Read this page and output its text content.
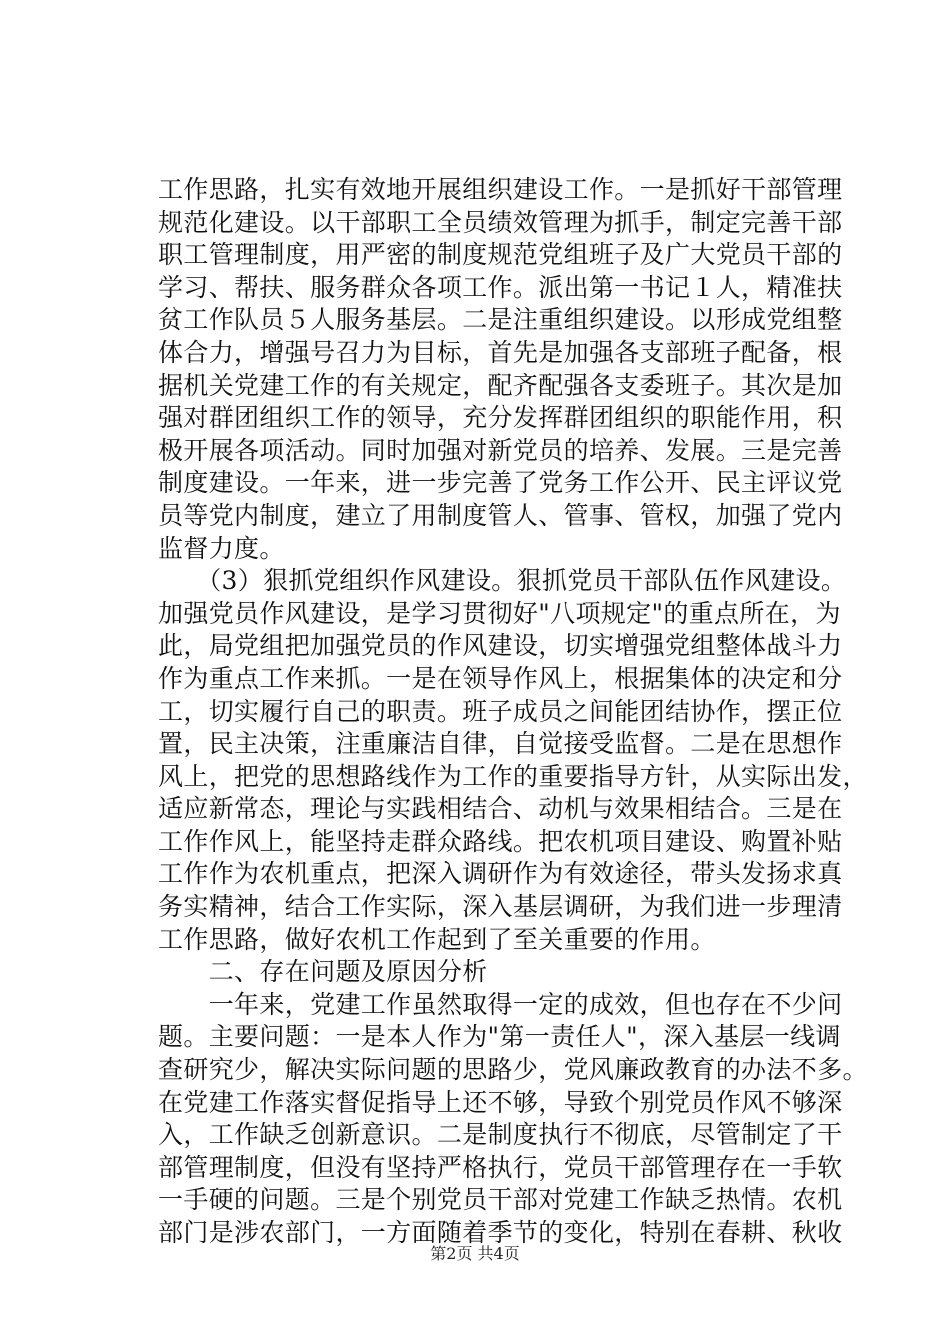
工作思路，扎实有效地开展组织建设工作。一是抓好干部管理
规范化建设。以干部职工全员绩效管理为抓手，制定完善干部
职工管理制度，用严密的制度规范党组班子及广大党员干部的
学习、帮扶、服务群众各项工作。派出第一书记１人，精准扶
贫工作队员５人服务基层。二是注重组织建设。以形成党组整
体合力，增强号召力为目标，首先是加强各支部班子配备，根
据机关党建工作的有关规定，配齐配强各支委班子。其次是加
强对群团组织工作的领导，充分发挥群团组织的职能作用，积
极开展各项活动。同时加强对新党员的培养、发展。三是完善
制度建设。一年来，进一步完善了党务工作公开、民主评议党
员等党内制度，建立了用制度管人、管事、管权，加强了党内
监督力度。
　　（3）狠抓党组织作风建设。狠抓党员干部队伍作风建设。
加强党员作风建设，是学习贯彻好"八项规定"的重点所在，为
此，局党组把加强党员的作风建设，切实增强党组整体战斗力
作为重点工作来抓。一是在领导作风上，根据集体的决定和分
工，切实履行自己的职责。班子成员之间能团结协作，摆正位
置，民主决策，注重廉洁自律，自觉接受监督。二是在思想作
风上，把党的思想路线作为工作的重要指导方针，从实际出发，
适应新常态，理论与实践相结合、动机与效果相结合。三是在
工作作风上，能坚持走群众路线。把农机项目建设、购置补贴
工作作为农机重点，把深入调研作为有效途径，带头发扬求真
务实精神，结合工作实际，深入基层调研，为我们进一步理清
工作思路，做好农机工作起到了至关重要的作用。
　　二、存在问题及原因分析
　　一年来，党建工作虽然取得一定的成效，但也存在不少问
题。主要问题：一是本人作为"第一责任人"，深入基层一线调
查研究少，解决实际问题的思路少，党风廉政教育的办法不多。
在党建工作落实督促指导上还不够，导致个别党员作风不够深
入，工作缺乏创新意识。二是制度执行不彻底，尽管制定了干
部管理制度，但没有坚持严格执行，党员干部管理存在一手软
一手硬的问题。三是个别党员干部对党建工作缺乏热情。农机
部门是涉农部门，一方面随着季节的变化，特别在春耕、秋收
第2页 共4页
